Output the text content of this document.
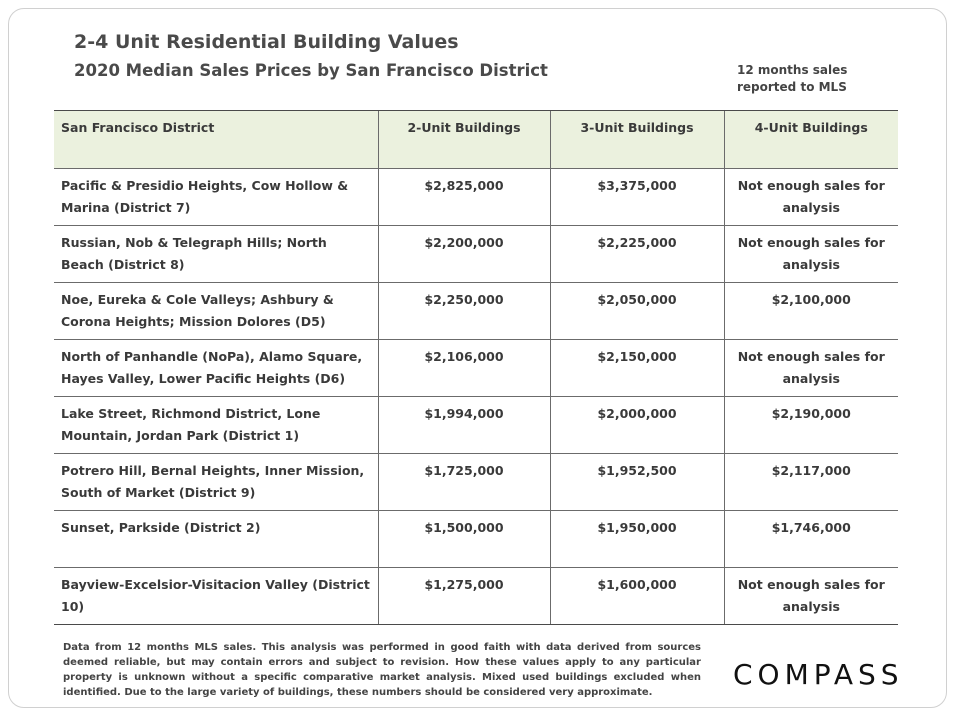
2-4 Unit Residential Building Values
2020 Median Sales Prices by San Francisco District	12 months sales
reported to MLS
San Francisco District	2-Unit Buildings	3-Unit Buildings	4-Unit Buildings
Pacific & Presidio Heights, Cow Hollow & Marina (District 7)	$2,825,000	$3,375,000	Not enough sales for analysis
Russian, Nob & Telegraph Hills; North Beach (District 8)	$2,200,000	$2,225,000	Not enough sales for analysis
Noe, Eureka & Cole Valleys; Ashbury & Corona Heights; Mission Dolores (D5)	$2,250,000	$2,050,000	$2,100,000
North of Panhandle (NoPa), Alamo Square, Hayes Valley, Lower Pacific Heights (D6)	$2,106,000	$2,150,000	Not enough sales for analysis
Lake Street, Richmond District, Lone Mountain, Jordan Park (District 1)	$1,994,000	$2,000,000	$2,190,000
Potrero Hill, Bernal Heights, Inner Mission, South of Market (District 9)	$1,725,000	$1,952,500	$2,117,000
Sunset, Parkside (District 2)	$1,500,000	$1,950,000	$1,746,000
Bayview-Excelsior-Visitacion Valley (District 10)	$1,275,000	$1,600,000	Not enough sales for analysis

Data from 12 months MLS sales. This analysis was performed in good faith with data derived from sources deemed reliable, but may contain errors and subject to revision. How these values apply to any particular property is unknown without a specific comparative market analysis. Mixed used buildings excluded when identified. Due to the large variety of buildings, these numbers should be considered very approximate.

COMPASS
